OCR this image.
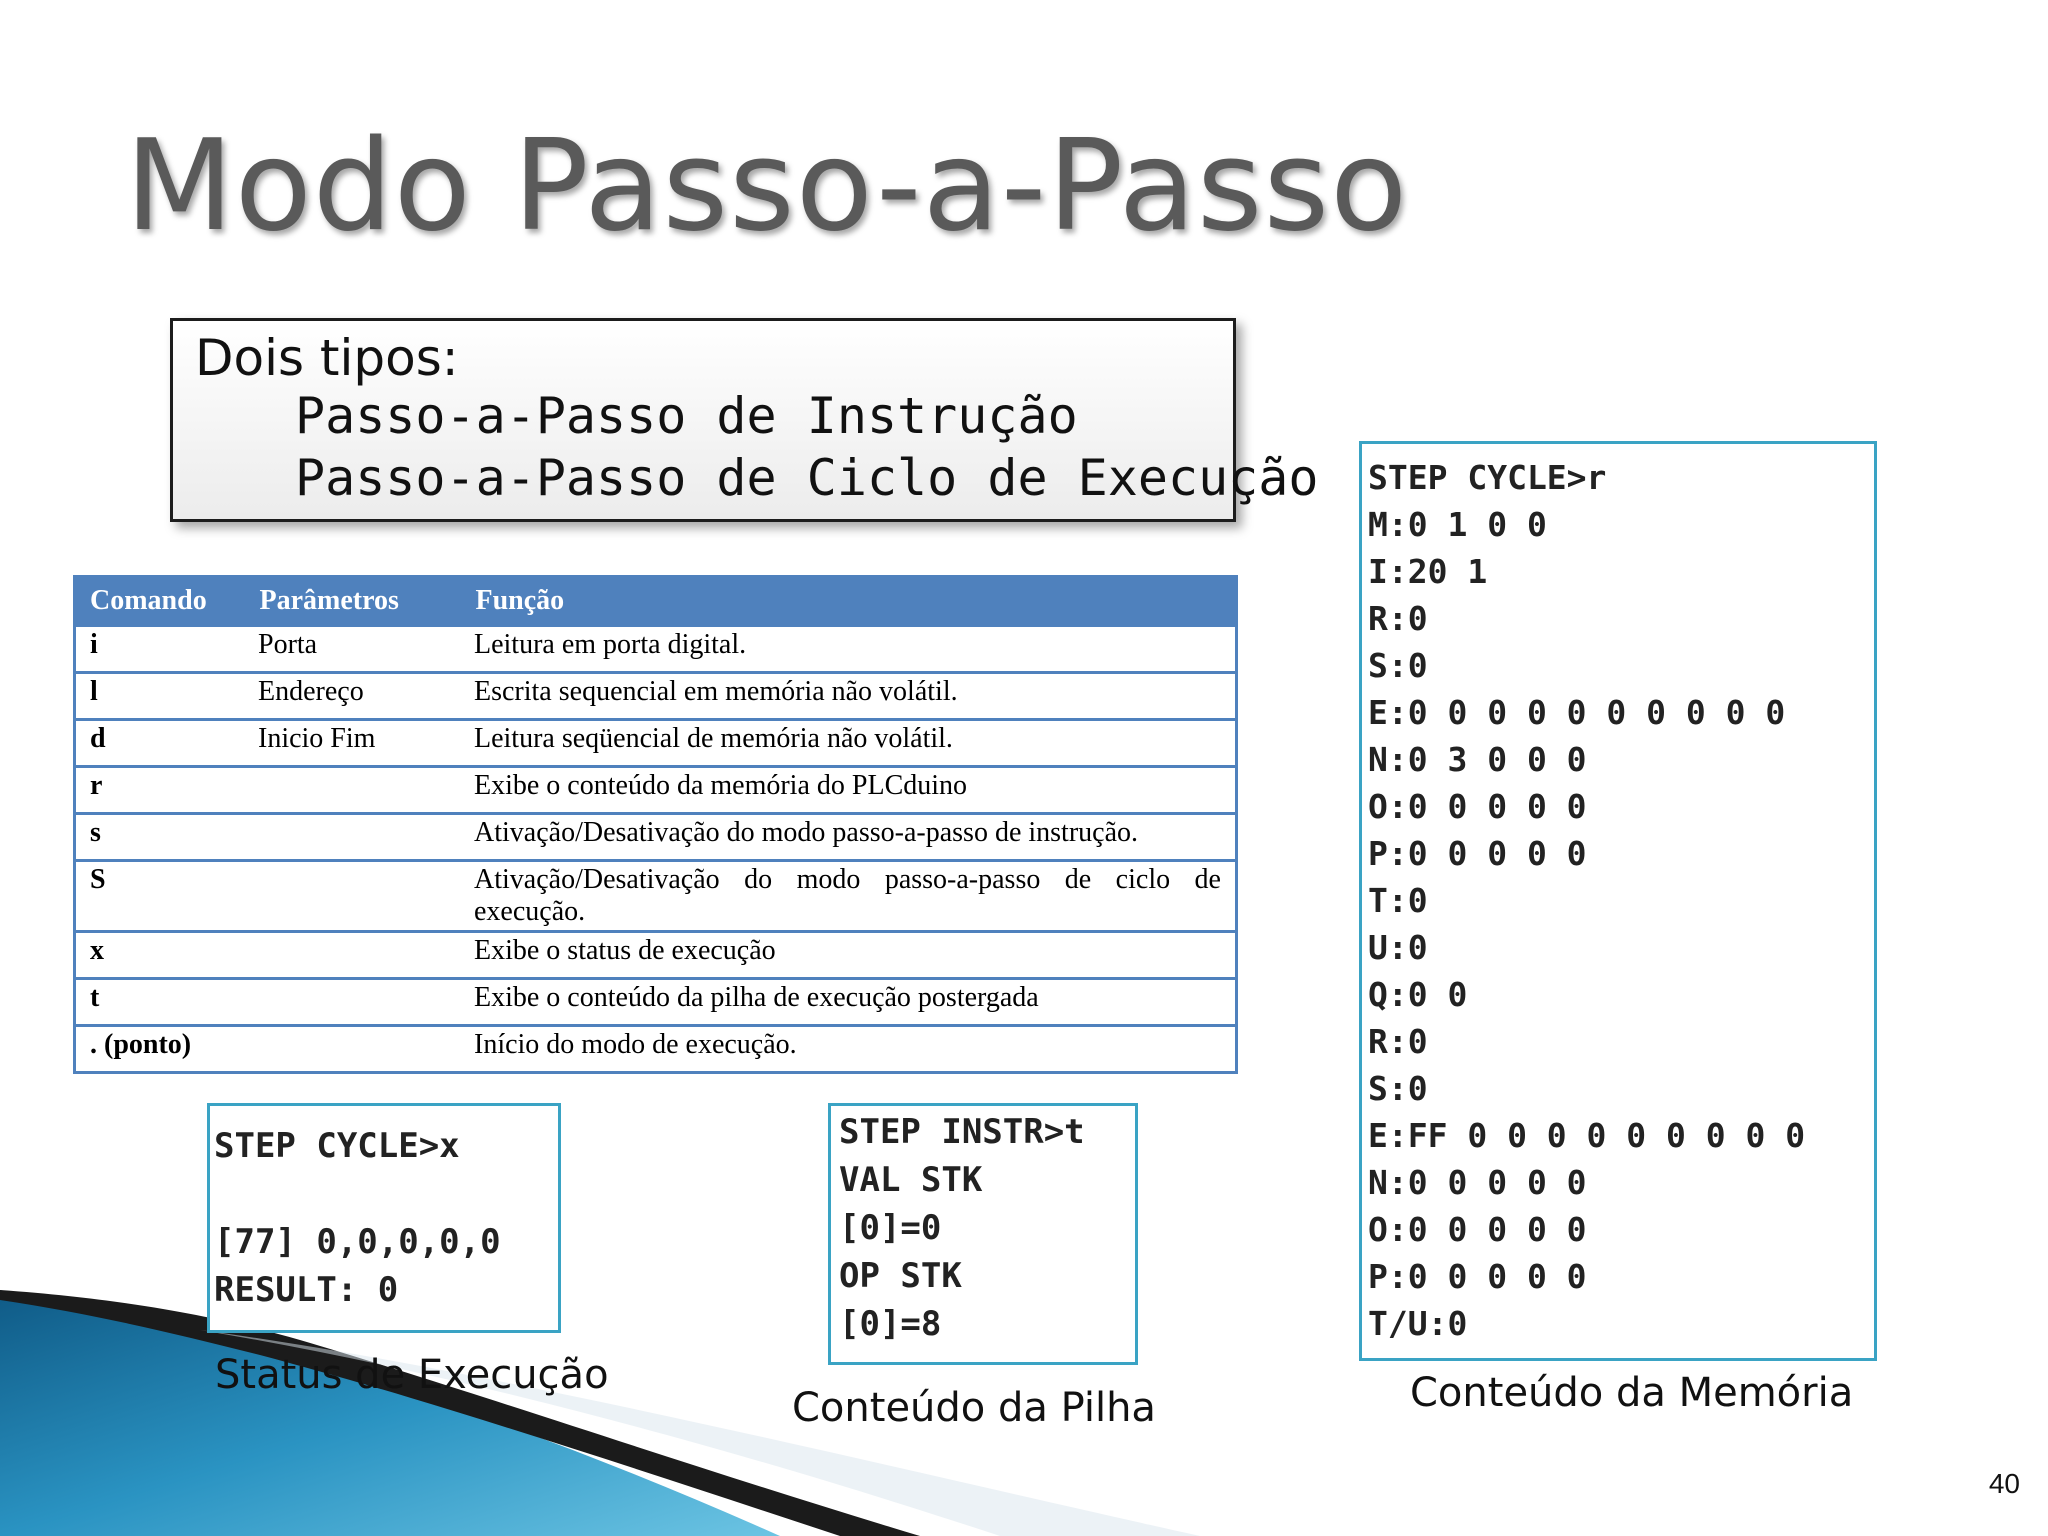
Modo Passo-a-Passo
Dois tipos:
Passo-a-Passo de Instrução
Passo-a-Passo de Ciclo de Execução
Comando	Parâmetros	Função
i	Porta	Leitura em porta digital.
l	Endereço	Escrita sequencial em memória não volátil.
d	Inicio Fim	Leitura seqüencial de memória não volátil.
r		Exibe o conteúdo da memória do PLCduino
s		Ativação/Desativação do modo passo-a-passo de instrução.
S		Ativação/Desativação do modo passo-a-passo de ciclo de execução.
x		Exibe o status de execução
t		Exibe o conteúdo da pilha de execução postergada
. (ponto)		Início do modo de execução.
STEP CYCLE>x
[77] 0,0,0,0,0
RESULT: 0
Status de Execução
STEP INSTR>t
VAL STK
[0]=0
OP STK
[0]=8
Conteúdo da Pilha
STEP CYCLE>r
M:0 1 0 0
I:20 1
R:0
S:0
E:0 0 0 0 0 0 0 0 0 0
N:0 3 0 0 0
O:0 0 0 0 0
P:0 0 0 0 0
T:0
U:0
Q:0 0
R:0
S:0
E:FF 0 0 0 0 0 0 0 0 0
N:0 0 0 0 0
O:0 0 0 0 0
P:0 0 0 0 0
T/U:0
Conteúdo da Memória
40
